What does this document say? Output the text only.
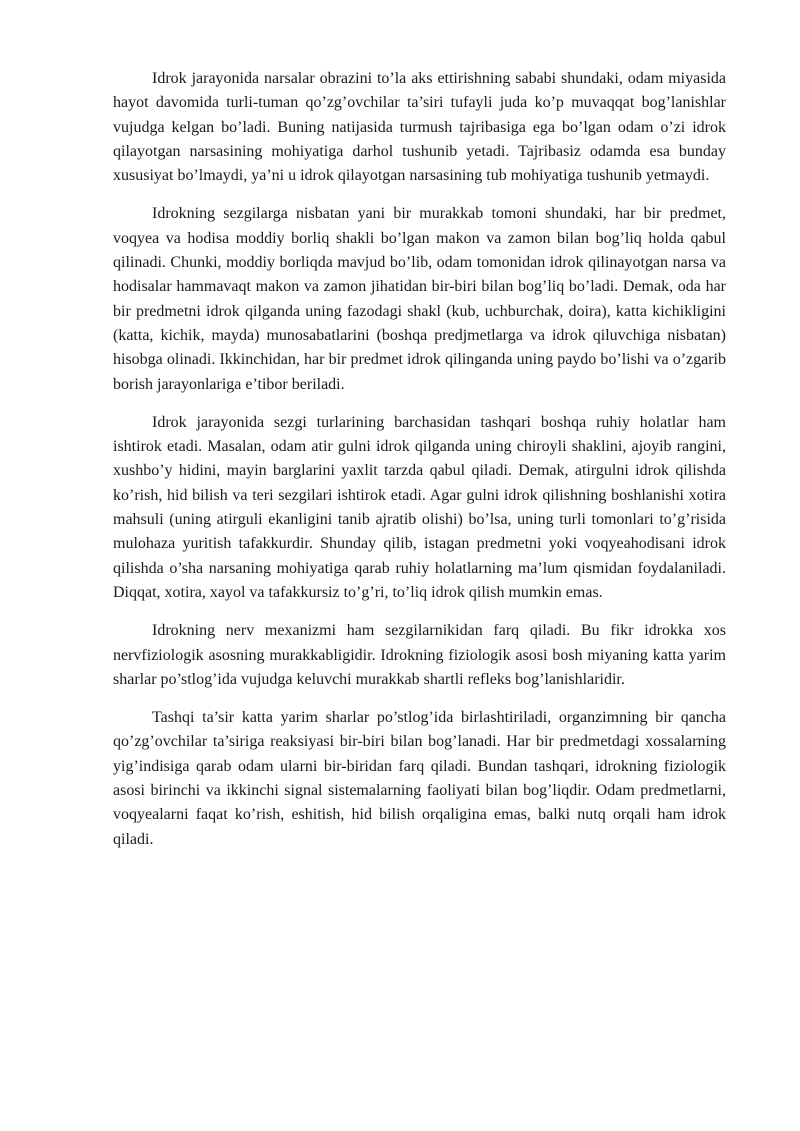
Idrok jarayonida narsalar obrazini to’la aks ettirishning sababi shundaki, odam miyasida hayot davomida turli-tuman qo’zg’ovchilar ta’siri tufayli juda ko’p muvaqqat bog’lanishlar vujudga kelgan bo’ladi. Buning natijasida turmush tajribasiga ega bo’lgan odam o’zi idrok qilayotgan narsasining mohiyatiga darhol tushunib yetadi. Tajribasiz odamda esa bunday xususiyat bo’lmaydi, ya’ni u idrok qilayotgan narsasining tub mohiyatiga tushunib yetmaydi.

Idrokning sezgilarga nisbatan yani bir murakkab tomoni shundaki, har bir predmet, voqyea va hodisa moddiy borliq shakli bo’lgan makon va zamon bilan bog’liq holda qabul qilinadi. Chunki, moddiy borliqda mavjud bo’lib, odam tomonidan idrok qilinayotgan narsa va hodisalar hammavaqt makon va zamon jihatidan bir-biri bilan bog’liq bo’ladi. Demak, oda har bir predmetni idrok qilganda uning fazodagi shakl (kub, uchburchak, doira), katta kichikligini (katta, kichik, mayda) munosabatlarini (boshqa predjmetlarga va idrok qiluvchiga nisbatan) hisobga olinadi. Ikkinchidan, har bir predmet idrok qilinganda uning paydo bo’lishi va o’zgarib borish jarayonlariga e’tibor beriladi.

Idrok jarayonida sezgi turlarining barchasidan tashqari boshqa ruhiy holatlar ham ishtirok etadi. Masalan, odam atir gulni idrok qilganda uning chiroyli shaklini, ajoyib rangini, xushbo’y hidini, mayin barglarini yaxlit tarzda qabul qiladi. Demak, atirgulni idrok qilishda ko’rish, hid bilish va teri sezgilari ishtirok etadi. Agar gulni idrok qilishning boshlanishi xotira mahsuli (uning atirguli ekanligini tanib ajratib olishi) bo’lsa, uning turli tomonlari to’g’risida mulohaza yuritish tafakkurdir. Shunday qilib, istagan predmetni yoki voqyeahodisani idrok qilishda o’sha narsaning mohiyatiga qarab ruhiy holatlarning ma’lum qismidan foydalaniladi. Diqqat, xotira, xayol va tafakkursiz to’g’ri, to’liq idrok qilish mumkin emas.

Idrokning nerv mexanizmi ham sezgilarnikidan farq qiladi. Bu fikr idrokka xos nervfiziologik asosning murakkabligidir. Idrokning fiziologik asosi bosh miyaning katta yarim sharlar po’stlog’ida vujudga keluvchi murakkab shartli refleks bog’lanishlaridir.

Tashqi ta’sir katta yarim sharlar po’stlog’ida birlashtiriladi, organzimning bir qancha qo’zg’ovchilar ta’siriga reaksiyasi bir-biri bilan bog’lanadi. Har bir predmetdagi xossalarning yig’indisiga qarab odam ularni bir-biridan farq qiladi. Bundan tashqari, idrokning fiziologik asosi birinchi va ikkinchi signal sistemalarning faoliyati bilan bog’liqdir. Odam predmetlarni, voqyealarni faqat ko’rish, eshitish, hid bilish orqaligina emas, balki nutq orqali ham idrok qiladi.
